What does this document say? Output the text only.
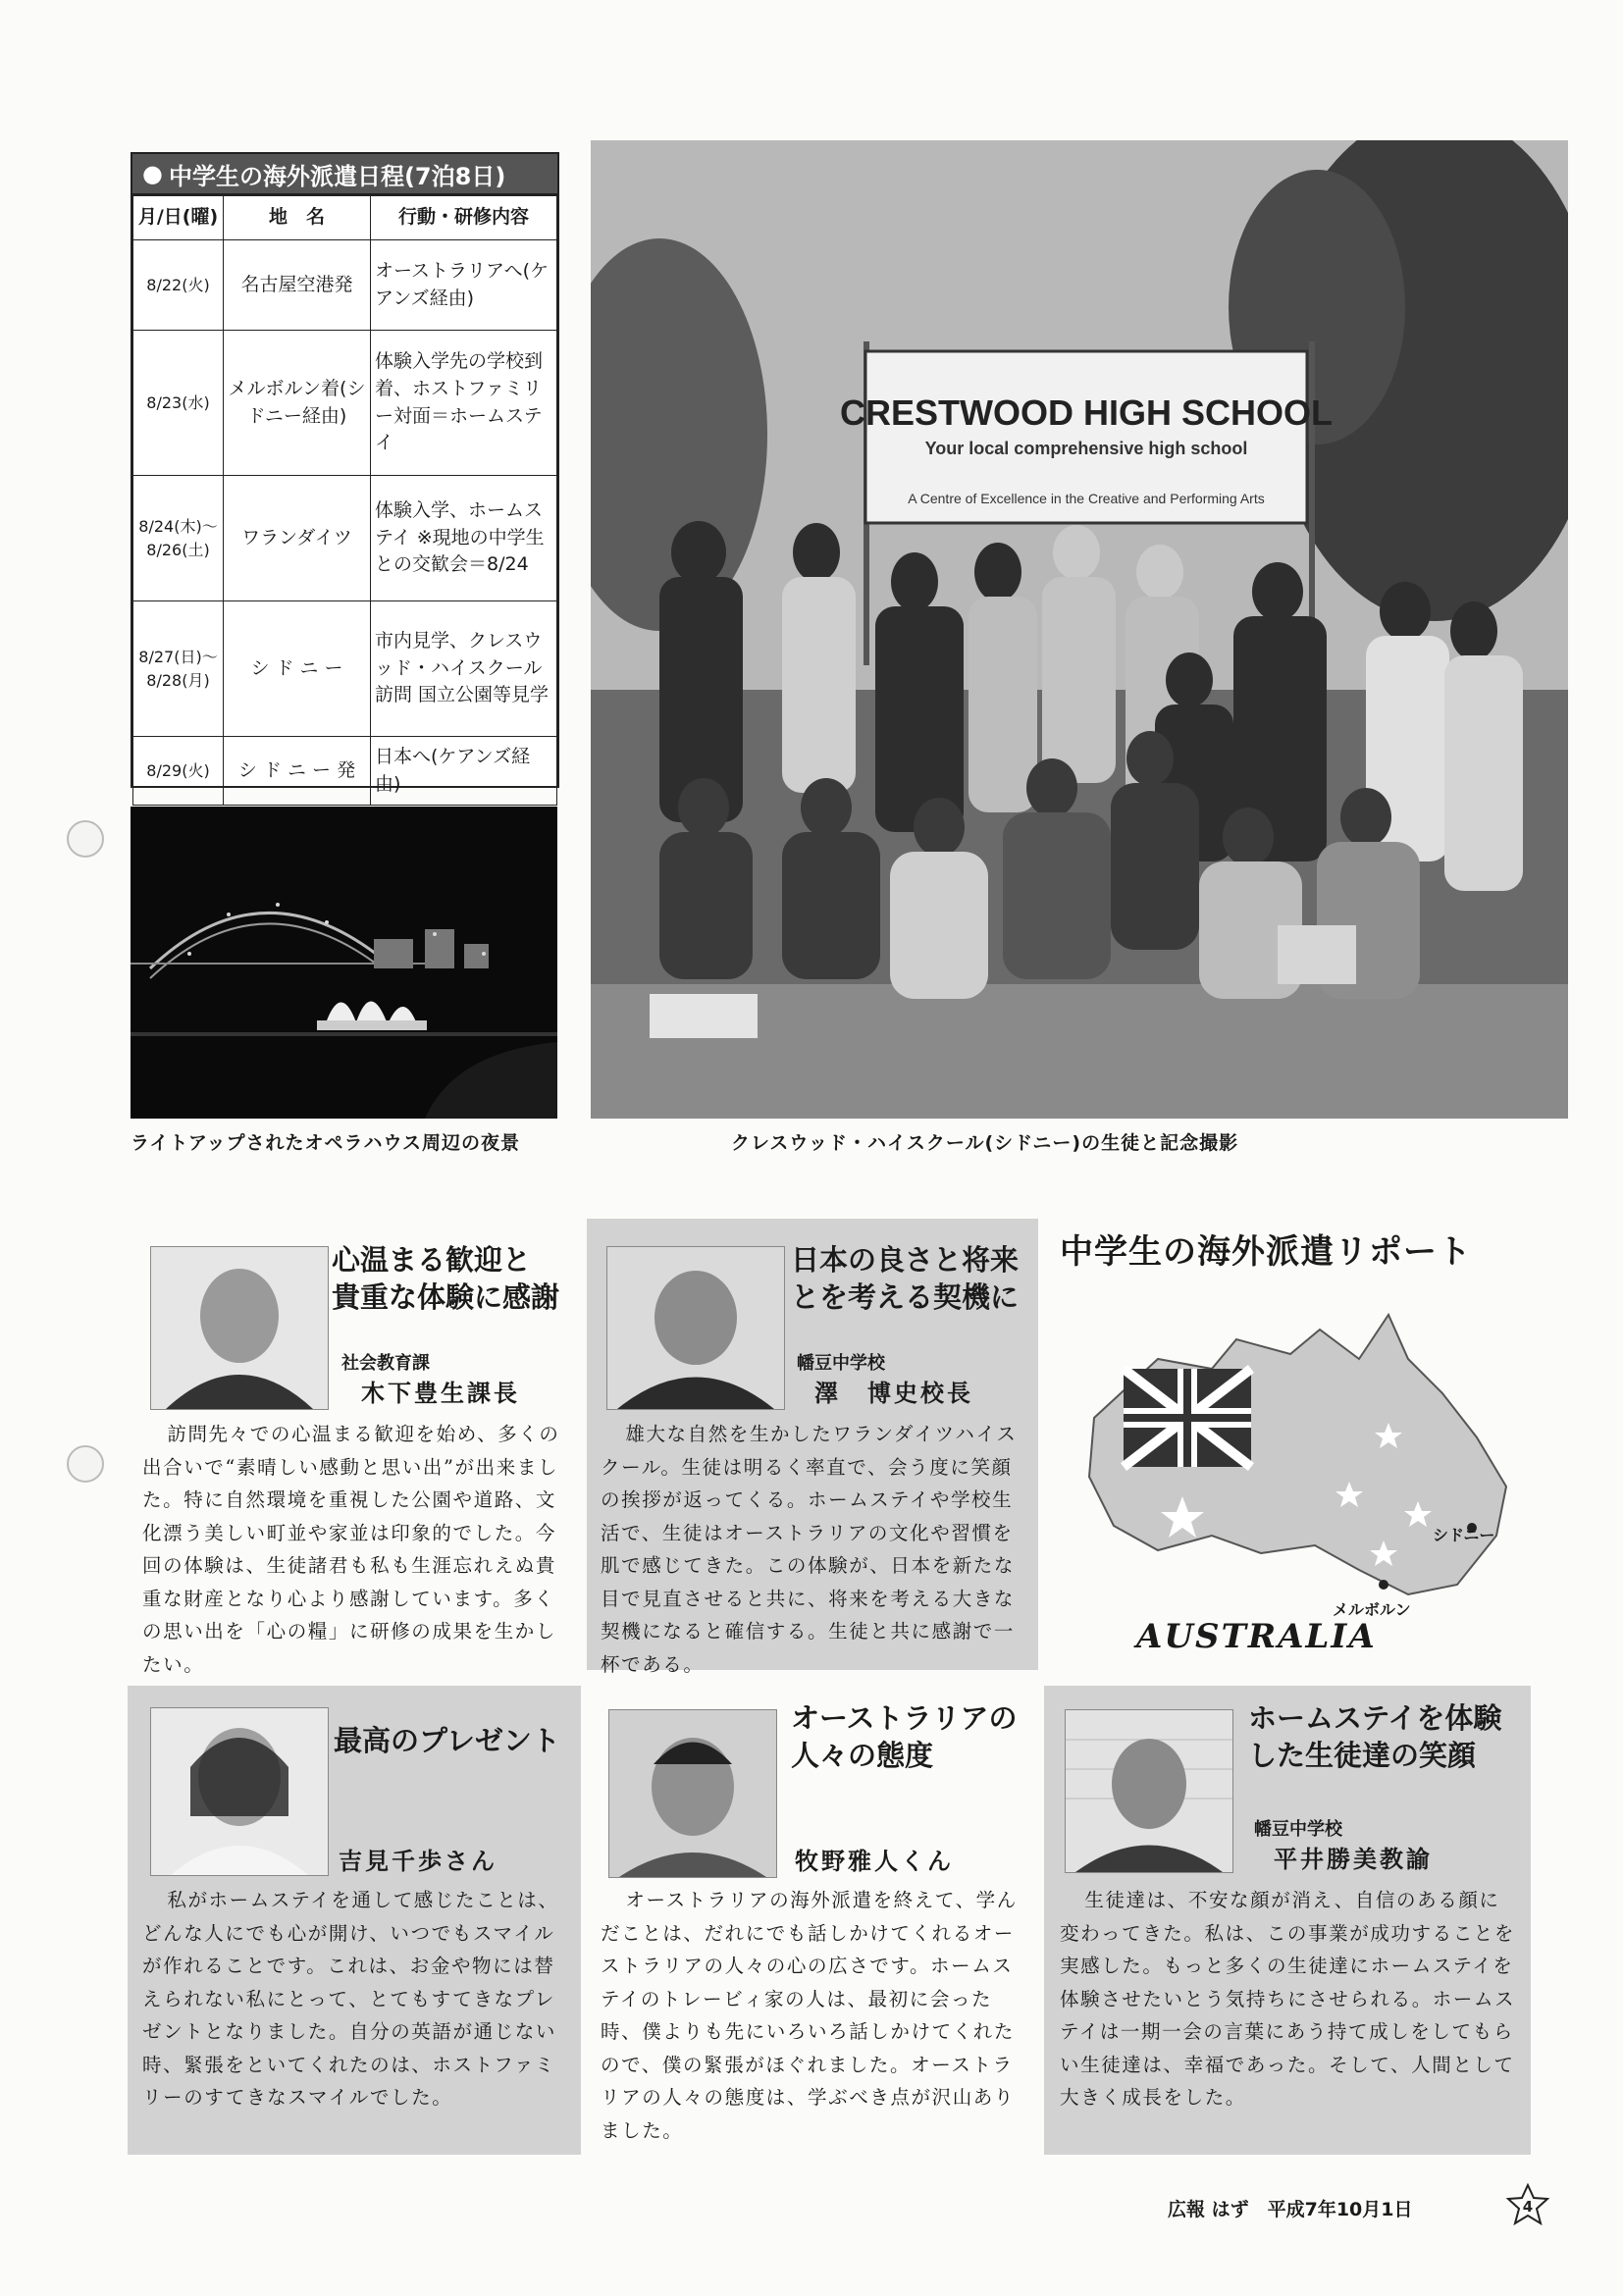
● 中学生の海外派遣日程(7泊8日)
月/日(曜)	地　名	行動・研修内容
8/22(火)	名古屋空港発	オーストラリアへ(ケアンズ経由)
8/23(水)	メルボルン着(シドニー経由)	体験入学先の学校到着、ホストファミリー対面＝ホームステイ
8/24(木)〜8/26(土)	ワランダイツ	体験入学、ホームステイ ※現地の中学生との交歓会＝8/24
8/27(日)〜8/28(月)	シ ド ニ ー	市内見学、クレスウッド・ハイスクール訪問 国立公園等見学
8/29(火)	シ ド ニ ー 発	日本へ(ケアンズ経由)
ライトアップされたオペラハウス周辺の夜景
CRESTWOOD HIGH SCHOOL
Your local comprehensive high school
A Centre of Excellence in the Creative and Performing Arts
クレスウッド・ハイスクール(シドニー)の生徒と記念撮影
中学生の海外派遣リポート
シドニー
メルボルン
AUSTRALIA
心温まる歓迎と
貴重な体験に感謝
社会教育課
木下豊生課長
訪問先々での心温まる歓迎を始め、多くの出合いで“素晴しい感動と思い出”が出来ました。特に自然環境を重視した公園や道路、文化漂う美しい町並や家並は印象的でした。今回の体験は、生徒諸君も私も生涯忘れえぬ貴重な財産となり心より感謝しています。多くの思い出を「心の糧」に研修の成果を生かしたい。
日本の良さと将来
とを考える契機に
幡豆中学校
澤　博史校長
雄大な自然を生かしたワランダイツハイスクール。生徒は明るく率直で、会う度に笑顔の挨拶が返ってくる。ホームステイや学校生活で、生徒はオーストラリアの文化や習慣を肌で感じてきた。この体験が、日本を新たな目で見直させると共に、将来を考える大きな契機になると確信する。生徒と共に感謝で一杯である。
最高のプレゼント
吉見千歩さん
私がホームステイを通して感じたことは、どんな人にでも心が開け、いつでもスマイルが作れることです。これは、お金や物には替えられない私にとって、とてもすてきなプレゼントとなりました。自分の英語が通じない時、緊張をといてくれたのは、ホストファミリーのすてきなスマイルでした。
オーストラリアの
人々の態度
牧野雅人くん
オーストラリアの海外派遣を終えて、学んだことは、だれにでも話しかけてくれるオーストラリアの人々の心の広さです。ホームステイのトレービィ家の人は、最初に会った時、僕よりも先にいろいろ話しかけてくれたので、僕の緊張がほぐれました。オーストラリアの人々の態度は、学ぶべき点が沢山ありました。
ホームステイを体験
した生徒達の笑顔
幡豆中学校
平井勝美教諭
生徒達は、不安な顔が消え、自信のある顔に変わってきた。私は、この事業が成功することを実感した。もっと多くの生徒達にホームステイを体験させたいとう気持ちにさせられる。ホームステイは一期一会の言葉にあう持て成しをしてもらい生徒達は、幸福であった。そして、人間として大きく成長をした。
広報 はず　平成7年10月1日	4
